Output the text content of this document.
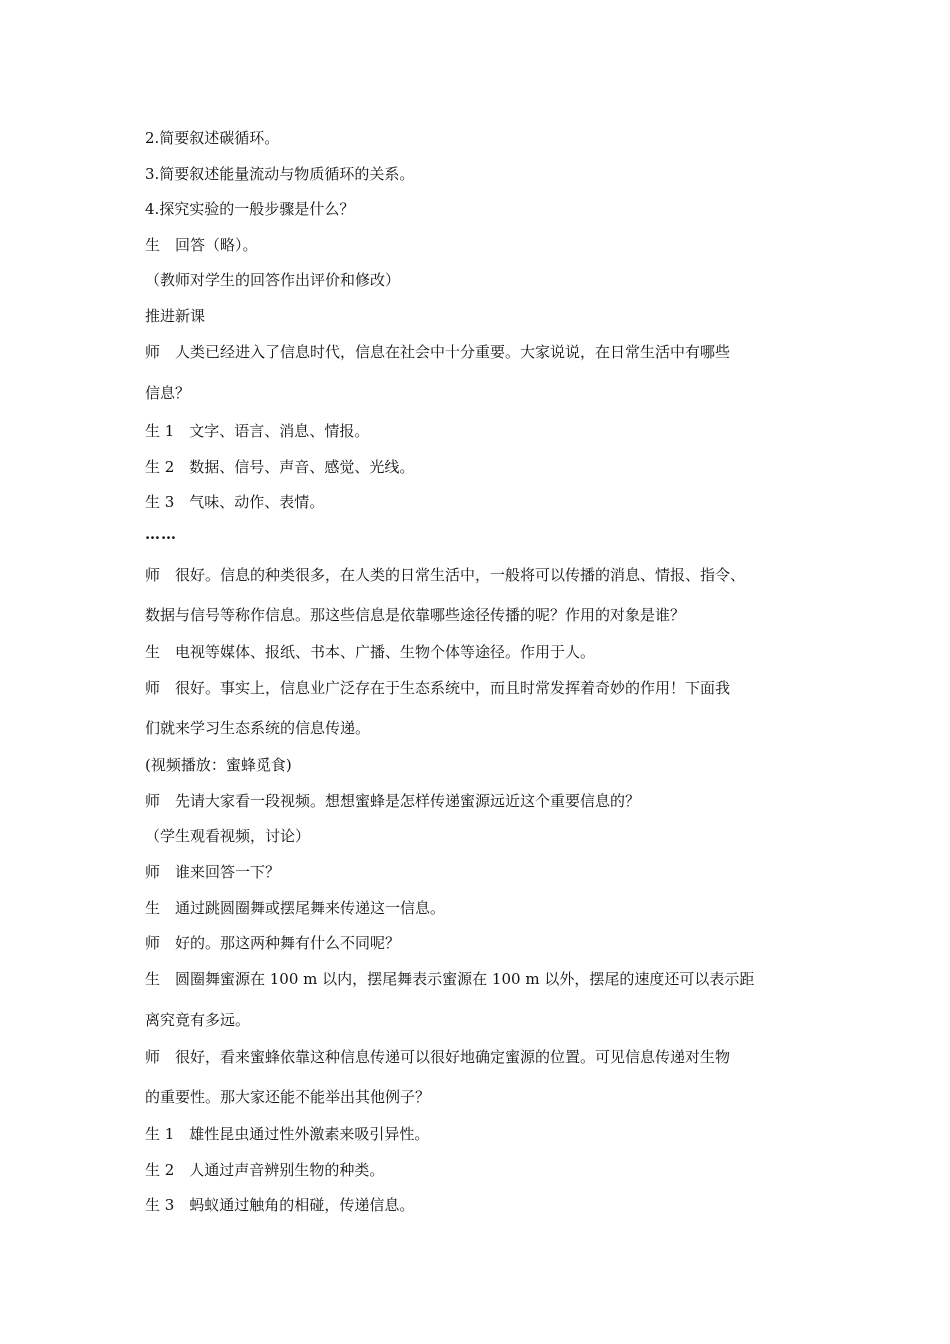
2.简要叙述碳循环。
3.简要叙述能量流动与物质循环的关系。
4.探究实验的一般步骤是什么？
生　回答（略）。
（教师对学生的回答作出评价和修改）
推进新课
师　人类已经进入了信息时代，信息在社会中十分重要。大家说说，在日常生活中有哪些
信息？
生 1　文字、语言、消息、情报。
生 2　数据、信号、声音、感觉、光线。
生 3　气味、动作、表情。
……
师　很好。信息的种类很多，在人类的日常生活中，一般将可以传播的消息、情报、指令、
数据与信号等称作信息。那这些信息是依靠哪些途径传播的呢？作用的对象是谁？
生　电视等媒体、报纸、书本、广播、生物个体等途径。作用于人。
师　很好。事实上，信息业广泛存在于生态系统中，而且时常发挥着奇妙的作用！下面我
们就来学习生态系统的信息传递。
(视频播放：蜜蜂觅食)
师　先请大家看一段视频。想想蜜蜂是怎样传递蜜源远近这个重要信息的？
（学生观看视频，讨论）
师　谁来回答一下？
生　通过跳圆圈舞或摆尾舞来传递这一信息。
师　好的。那这两种舞有什么不同呢？
生　圆圈舞蜜源在 100 m 以内，摆尾舞表示蜜源在 100 m 以外，摆尾的速度还可以表示距
离究竟有多远。
师　很好，看来蜜蜂依靠这种信息传递可以很好地确定蜜源的位置。可见信息传递对生物
的重要性。那大家还能不能举出其他例子？
生 1　雄性昆虫通过性外激素来吸引异性。
生 2　人通过声音辨别生物的种类。
生 3　蚂蚁通过触角的相碰，传递信息。
